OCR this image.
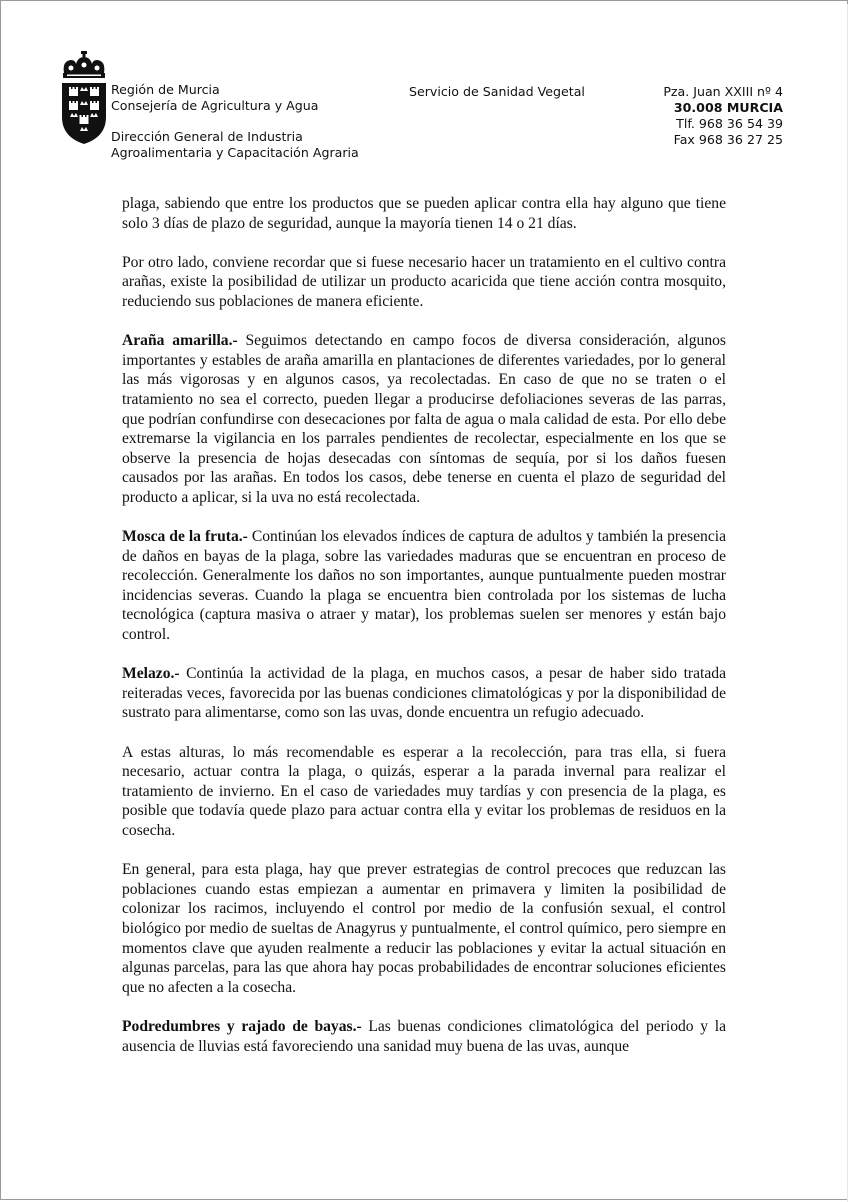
Región de Murcia
Consejería de Agricultura y Agua
Dirección General de Industria
Agroalimentaria y Capacitación Agraria
Servicio de Sanidad Vegetal	Pza. Juan XXIII nº 4
30.008 MURCIA
Tlf. 968 36 54 39
Fax 968 36 27 25

plaga, sabiendo que entre los productos que se pueden aplicar contra ella hay alguno que tiene solo 3 días de plazo de seguridad, aunque la mayoría tienen 14 o 21 días.

Por otro lado, conviene recordar que si fuese necesario hacer un tratamiento en el cultivo contra arañas, existe la posibilidad de utilizar un producto acaricida que tiene acción contra mosquito, reduciendo sus poblaciones de manera eficiente.

Araña amarilla.- Seguimos detectando en campo focos de diversa consideración, algunos importantes y estables de araña amarilla en plantaciones de diferentes variedades, por lo general las más vigorosas y en algunos casos, ya recolectadas. En caso de que no se traten o el tratamiento no sea el correcto, pueden llegar a producirse defoliaciones severas de las parras, que podrían confundirse con desecaciones por falta de agua o mala calidad de esta. Por ello debe extremarse la vigilancia en los parrales pendientes de recolectar, especialmente en los que se observe la presencia de hojas desecadas con síntomas de sequía, por si los daños fuesen causados por las arañas. En todos los casos, debe tenerse en cuenta el plazo de seguridad del producto a aplicar, si la uva no está recolectada.

Mosca de la fruta.- Continúan los elevados índices de captura de adultos y también la presencia de daños en bayas de la plaga, sobre las variedades maduras que se encuentran en proceso de recolección. Generalmente los daños no son importantes, aunque puntualmente pueden mostrar incidencias severas. Cuando la plaga se encuentra bien controlada por los sistemas de lucha tecnológica (captura masiva o atraer y matar), los problemas suelen ser menores y están bajo control.

Melazo.- Continúa la actividad de la plaga, en muchos casos, a pesar de haber sido tratada reiteradas veces, favorecida por las buenas condiciones climatológicas y por la disponibilidad de sustrato para alimentarse, como son las uvas, donde encuentra un refugio adecuado.

A estas alturas, lo más recomendable es esperar a la recolección, para tras ella, si fuera necesario, actuar contra la plaga, o quizás, esperar a la parada invernal para realizar el tratamiento de invierno. En el caso de variedades muy tardías y con presencia de la plaga, es posible que todavía quede plazo para actuar contra ella y evitar los problemas de residuos en la cosecha.

En general, para esta plaga, hay que prever estrategias de control precoces que reduzcan las poblaciones cuando estas empiezan a aumentar en primavera y limiten la posibilidad de colonizar los racimos, incluyendo el control por medio de la confusión sexual, el control biológico por medio de sueltas de Anagyrus y puntualmente, el control químico, pero siempre en momentos clave que ayuden realmente a reducir las poblaciones y evitar la actual situación en algunas parcelas, para las que ahora hay pocas probabilidades de encontrar soluciones eficientes que no afecten a la cosecha.

Podredumbres y rajado de bayas.- Las buenas condiciones climatológica del periodo y la ausencia de lluvias está favoreciendo una sanidad muy buena de las uvas, aunque
